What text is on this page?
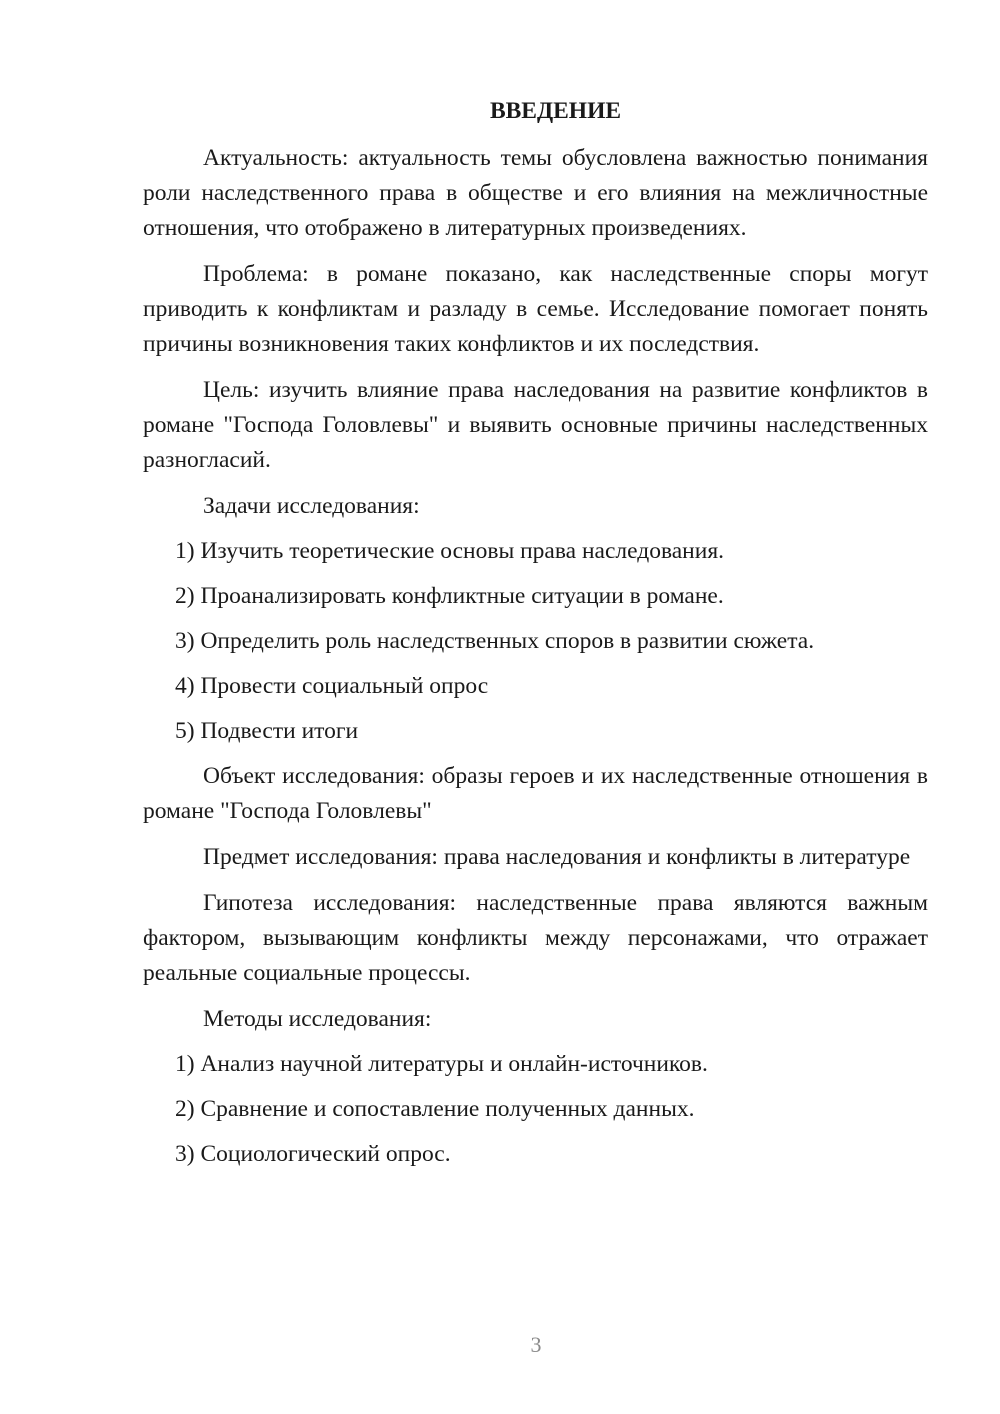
ВВЕДЕНИЕ

Актуальность: актуальность темы обусловлена важностью понимания роли наследственного права в обществе и его влияния на межличностные отношения, что отображено в литературных произведениях.

Проблема: в романе показано, как наследственные споры могут приводить к конфликтам и разладу в семье. Исследование помогает понять причины возникновения таких конфликтов и их последствия.

Цель: изучить влияние права наследования на развитие конфликтов в романе "Господа Головлевы" и выявить основные причины наследственных разногласий.

Задачи исследования:

1) Изучить теоретические основы права наследования.

2) Проанализировать конфликтные ситуации в романе.

3) Определить роль наследственных споров в развитии сюжета.

4) Провести социальный опрос

5) Подвести итоги

Объект исследования: образы героев и их наследственные отношения в романе "Господа Головлевы"

Предмет исследования: права наследования и конфликты в литературе

Гипотеза исследования: наследственные права являются важным фактором, вызывающим конфликты между персонажами, что отражает реальные социальные процессы.

Методы исследования:

1) Анализ научной литературы и онлайн-источников.

2) Сравнение и сопоставление полученных данных.

3) Социологический опрос.

3
